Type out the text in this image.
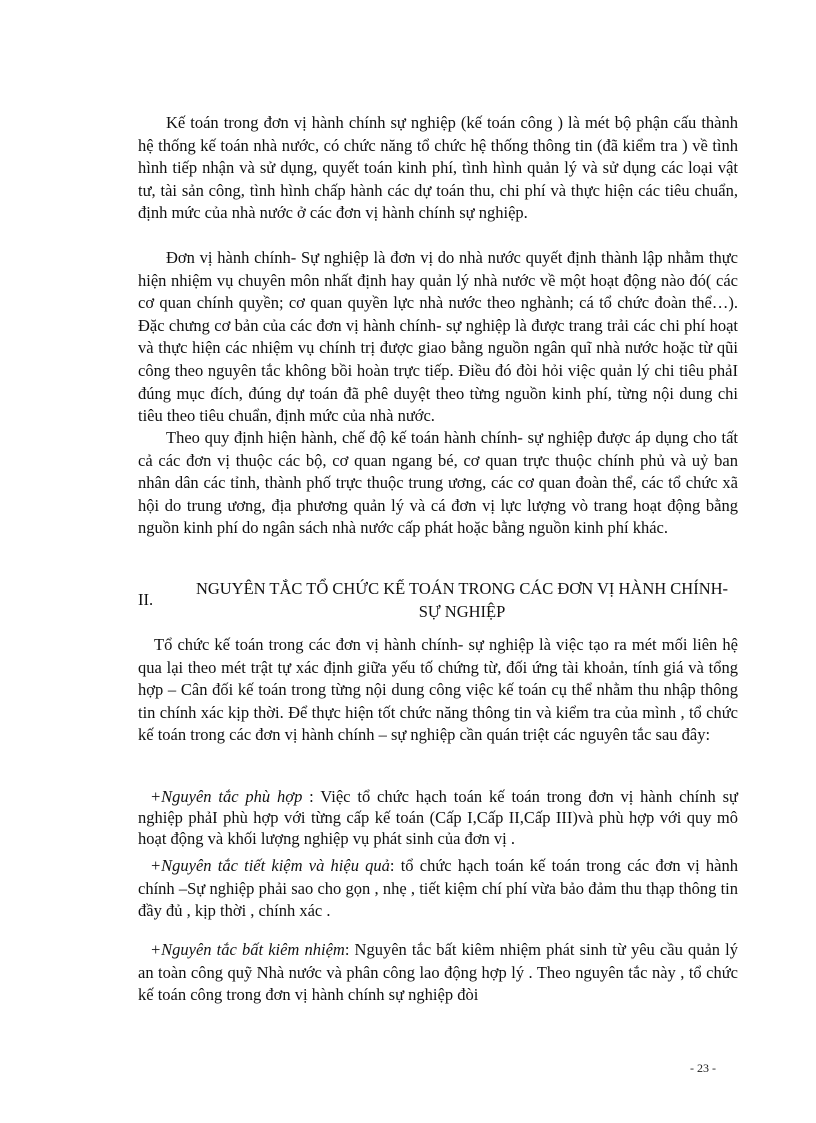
Kế toán trong đơn vị hành chính sự nghiệp (kế toán công ) là mét bộ phận cấu thành hệ thống kế toán nhà nước, có chức năng tổ chức hệ thống thông tin (đã kiểm tra ) về tình hình tiếp nhận và sử dụng, quyết toán kinh phí, tình hình quản lý và sử dụng các loại vật tư, tài sản công, tình hình chấp hành các dự toán thu, chi phí và thực hiện các tiêu chuẩn, định mức của nhà nước ở các đơn vị hành chính sự nghiệp.

Đơn vị hành chính- Sự nghiệp là đơn vị do nhà nước quyết định thành lập nhằm thực hiện nhiệm vụ chuyên môn nhất định hay quản lý nhà nước về một hoạt động nào đó( các cơ quan chính quyền; cơ quan quyền lực nhà nước theo nghành; cá tổ chức đoàn thể…). Đặc chưng cơ bản của các đơn vị hành chính- sự nghiệp là được trang trải các chi phí hoạt và thực hiện các nhiệm vụ chính trị được giao bằng nguồn ngân quĩ nhà nước hoặc từ qũi công theo nguyên tắc không bồi hoàn trực tiếp. Điều đó đòi hỏi việc quản lý chi tiêu phảI đúng mục đích, đúng dự toán đã phê duyệt theo từng nguồn kinh phí, từng nội dung chi tiêu theo tiêu chuẩn, định mức của nhà nước.

Theo quy định hiện hành, chế độ kế toán hành chính- sự nghiệp được áp dụng cho tất cả các đơn vị thuộc các bộ, cơ quan ngang bé, cơ quan trực thuộc chính phủ và uỷ ban nhân dân các tỉnh, thành phố trực thuộc trung ương, các cơ quan đoàn thể, các tổ chức xã hội do trung ương, địa phương quản lý và cá đơn vị lực lượng vò trang hoạt động bằng nguồn kinh phí do ngân sách nhà nước cấp phát hoặc bằng nguồn kinh phí khác.

II.
NGUYÊN TẮC TỔ CHỨC KẾ TOÁN TRONG CÁC ĐƠN VỊ HÀNH CHÍNH- SỰ NGHIỆP

Tổ chức kế toán trong các đơn vị hành chính- sự nghiệp là việc tạo ra mét mối liên hệ qua lại theo mét trật tự xác định giữa yếu tố chứng từ, đối ứng tài khoản, tính giá và tổng hợp – Cân đối kế toán trong từng nội dung công việc kế toán cụ thể nhằm thu nhập thông tin chính xác kịp thời. Để thực hiện tốt chức năng thông tin và kiểm tra của mình , tổ chức kế toán trong các đơn vị hành chính – sự nghiệp cần quán triệt các nguyên tắc sau đây:

+Nguyên tắc phù hợp : Việc tổ chức hạch toán kế toán trong đơn vị hành chính sự nghiệp phảI phù hợp với từng cấp kế toán (Cấp I,Cấp II,Cấp III)và phù hợp với quy mô hoạt động và khối lượng nghiệp vụ phát sinh của đơn vị .

+Nguyên tắc tiết kiệm và hiệu quả: tổ chức hạch toán kế toán trong các đơn vị hành chính –Sự nghiệp phải sao cho gọn , nhẹ , tiết kiệm chí phí vừa bảo đảm thu thạp thông tin đầy đủ , kịp thời , chính xác .

+Nguyên tắc bất kiêm nhiệm: Nguyên tắc bất kiêm nhiệm phát sinh từ yêu cầu quản lý an toàn công quỹ Nhà nước và phân công lao động hợp lý . Theo nguyên tắc này , tổ chức kế toán công trong đơn vị hành chính sự nghiệp đòi

- 23 -
